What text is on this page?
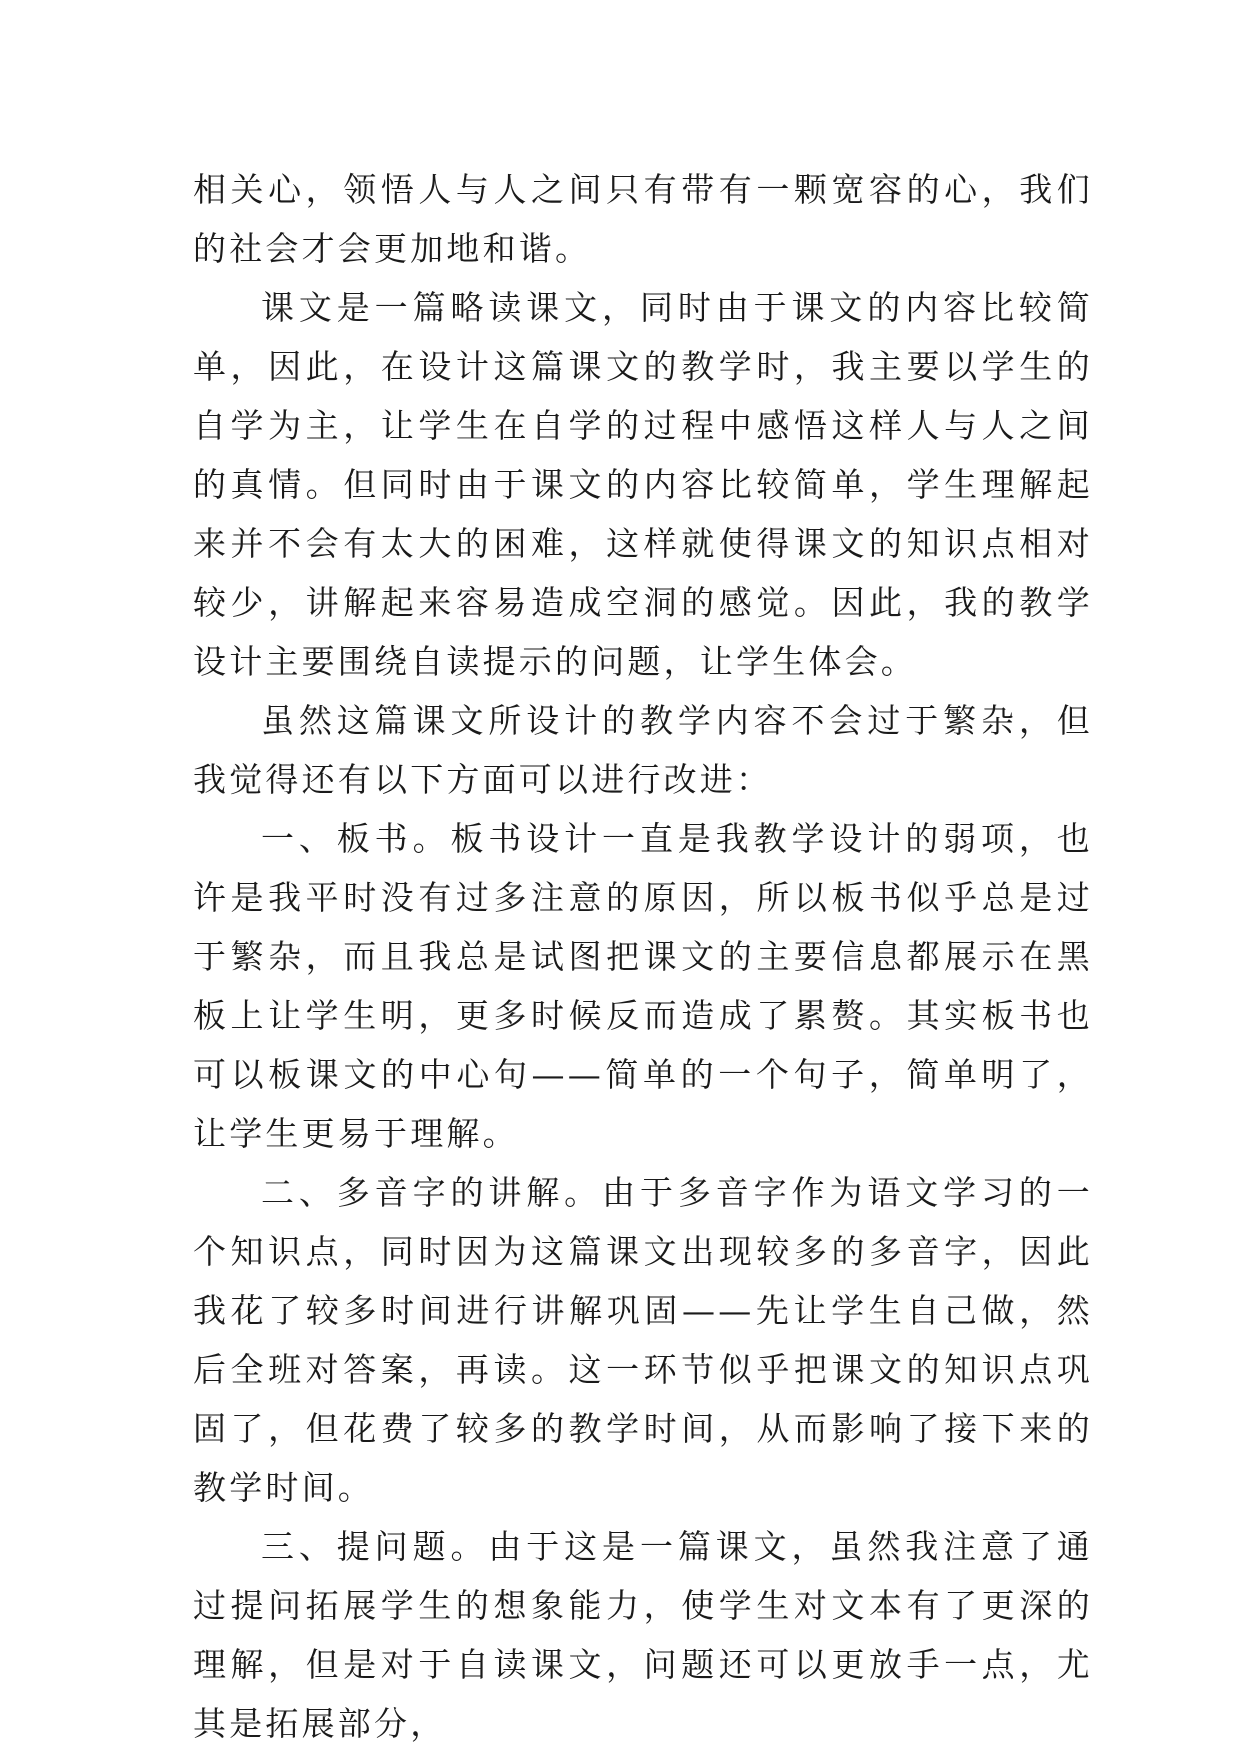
相关心，领悟人与人之间只有带有一颗宽容的心，我们的社会才会更加地和谐。

课文是一篇略读课文，同时由于课文的内容比较简单，因此，在设计这篇课文的教学时，我主要以学生的自学为主，让学生在自学的过程中感悟这样人与人之间的真情。但同时由于课文的内容比较简单，学生理解起来并不会有太大的困难，这样就使得课文的知识点相对较少，讲解起来容易造成空洞的感觉。因此，我的教学设计主要围绕自读提示的问题，让学生体会。

虽然这篇课文所设计的教学内容不会过于繁杂，但我觉得还有以下方面可以进行改进：

一、板书。板书设计一直是我教学设计的弱项，也许是我平时没有过多注意的原因，所以板书似乎总是过于繁杂，而且我总是试图把课文的主要信息都展示在黑板上让学生明，更多时候反而造成了累赘。其实板书也可以板课文的中心句——简单的一个句子，简单明了，让学生更易于理解。

二、多音字的讲解。由于多音字作为语文学习的一个知识点，同时因为这篇课文出现较多的多音字，因此我花了较多时间进行讲解巩固——先让学生自己做，然后全班对答案，再读。这一环节似乎把课文的知识点巩固了，但花费了较多的教学时间，从而影响了接下来的教学时间。

三、提问题。由于这是一篇课文，虽然我注意了通过提问拓展学生的想象能力，使学生对文本有了更深的理解，但是对于自读课文，问题还可以更放手一点，尤其是拓展部分，
